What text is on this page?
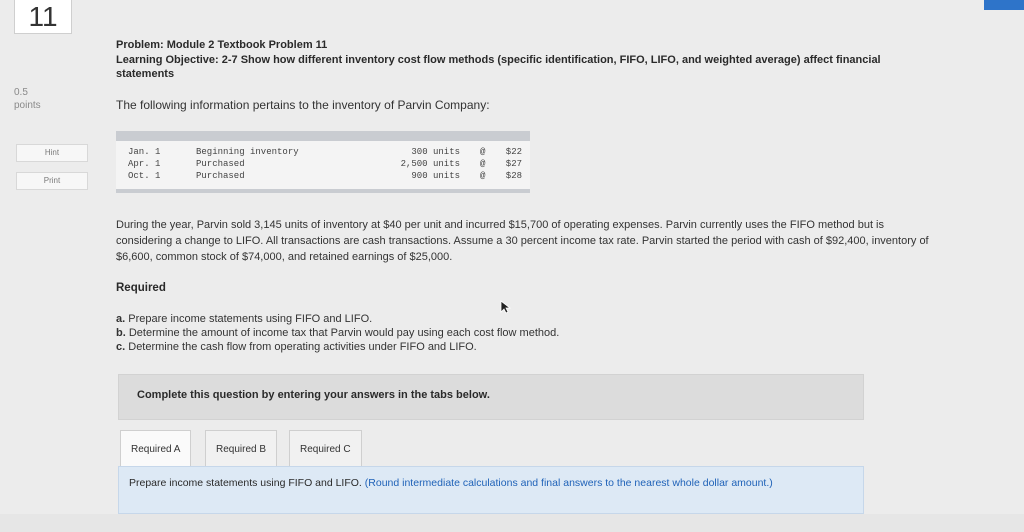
11
0.5
points
Hint
Print
Problem: Module 2 Textbook Problem 11
Learning Objective: 2-7 Show how different inventory cost flow methods (specific identification, FIFO, LIFO, and weighted average) affect financial statements
The following information pertains to the inventory of Parvin Company:
Jan. 1	Beginning inventory	300 units @ $22
Apr. 1	Purchased	2,500 units @ $27
Oct. 1	Purchased	900 units @ $28
During the year, Parvin sold 3,145 units of inventory at $40 per unit and incurred $15,700 of operating expenses. Parvin currently uses the FIFO method but is considering a change to LIFO. All transactions are cash transactions. Assume a 30 percent income tax rate. Parvin started the period with cash of $92,400, inventory of $6,600, common stock of $74,000, and retained earnings of $25,000.
Required
a. Prepare income statements using FIFO and LIFO.
b. Determine the amount of income tax that Parvin would pay using each cost flow method.
c. Determine the cash flow from operating activities under FIFO and LIFO.
Complete this question by entering your answers in the tabs below.
Required A	Required B	Required C
Prepare income statements using FIFO and LIFO. (Round intermediate calculations and final answers to the nearest whole dollar amount.)
